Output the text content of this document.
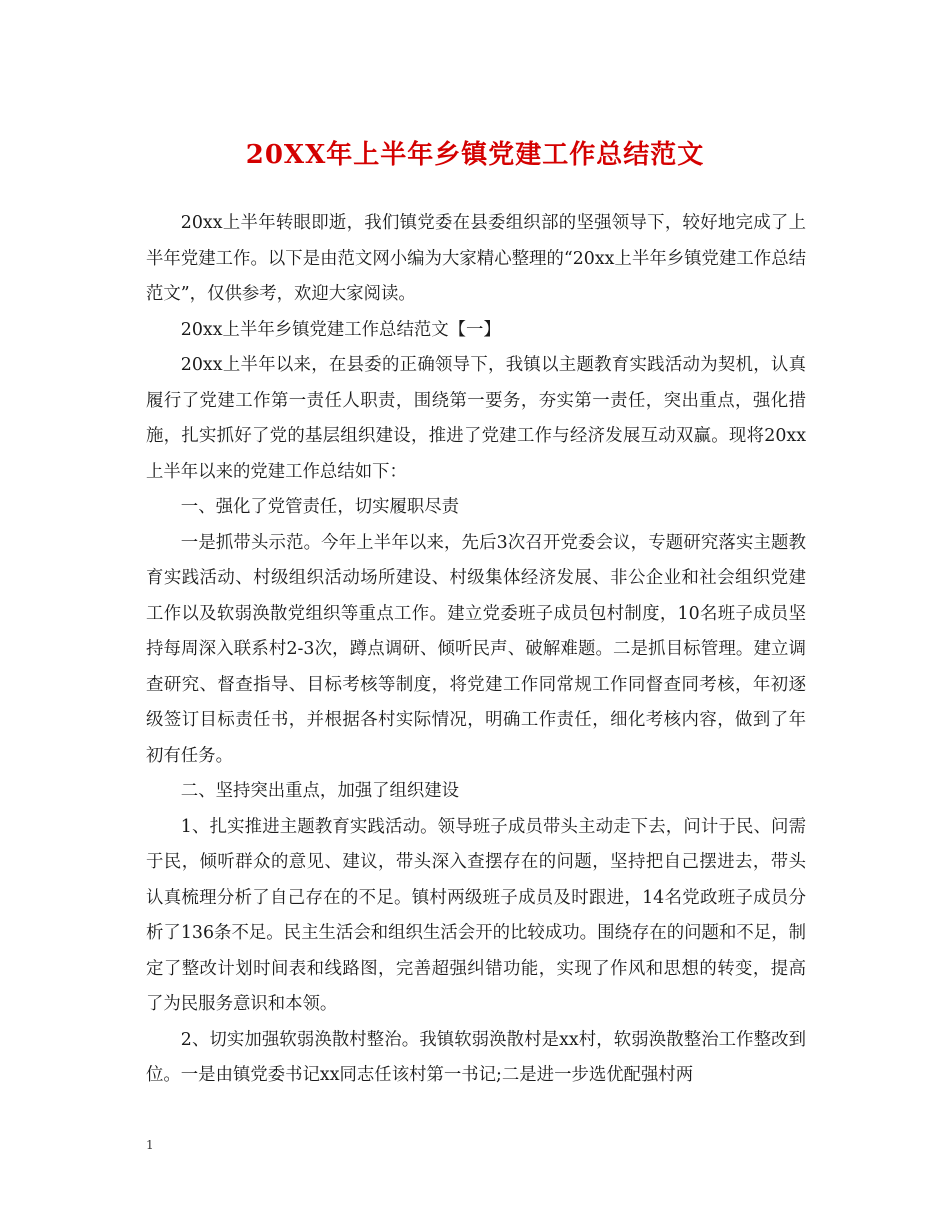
20XX年上半年乡镇党建工作总结范文

20xx上半年转眼即逝，我们镇党委在县委组织部的坚强领导下，较好地完成了上半年党建工作。以下是由范文网小编为大家精心整理的“20xx上半年乡镇党建工作总结范文”，仅供参考，欢迎大家阅读。

20xx上半年乡镇党建工作总结范文【一】

20xx上半年以来，在县委的正确领导下，我镇以主题教育实践活动为契机，认真履行了党建工作第一责任人职责，围绕第一要务，夯实第一责任，突出重点，强化措施，扎实抓好了党的基层组织建设，推进了党建工作与经济发展互动双赢。现将20xx上半年以来的党建工作总结如下：

一、强化了党管责任，切实履职尽责

一是抓带头示范。今年上半年以来，先后3次召开党委会议，专题研究落实主题教育实践活动、村级组织活动场所建设、村级集体经济发展、非公企业和社会组织党建工作以及软弱涣散党组织等重点工作。建立党委班子成员包村制度，10名班子成员坚持每周深入联系村2-3次，蹲点调研、倾听民声、破解难题。二是抓目标管理。建立调查研究、督查指导、目标考核等制度，将党建工作同常规工作同督查同考核，年初逐级签订目标责任书，并根据各村实际情况，明确工作责任，细化考核内容，做到了年初有任务。

二、坚持突出重点，加强了组织建设

1、扎实推进主题教育实践活动。领导班子成员带头主动走下去，问计于民、问需于民，倾听群众的意见、建议，带头深入查摆存在的问题，坚持把自己摆进去，带头认真梳理分析了自己存在的不足。镇村两级班子成员及时跟进，14名党政班子成员分析了136条不足。民主生活会和组织生活会开的比较成功。围绕存在的问题和不足，制定了整改计划时间表和线路图，完善超强纠错功能，实现了作风和思想的转变，提高了为民服务意识和本领。

2、切实加强软弱涣散村整治。我镇软弱涣散村是xx村，软弱涣散整治工作整改到位。一是由镇党委书记xx同志任该村第一书记;二是进一步选优配强村两

1
